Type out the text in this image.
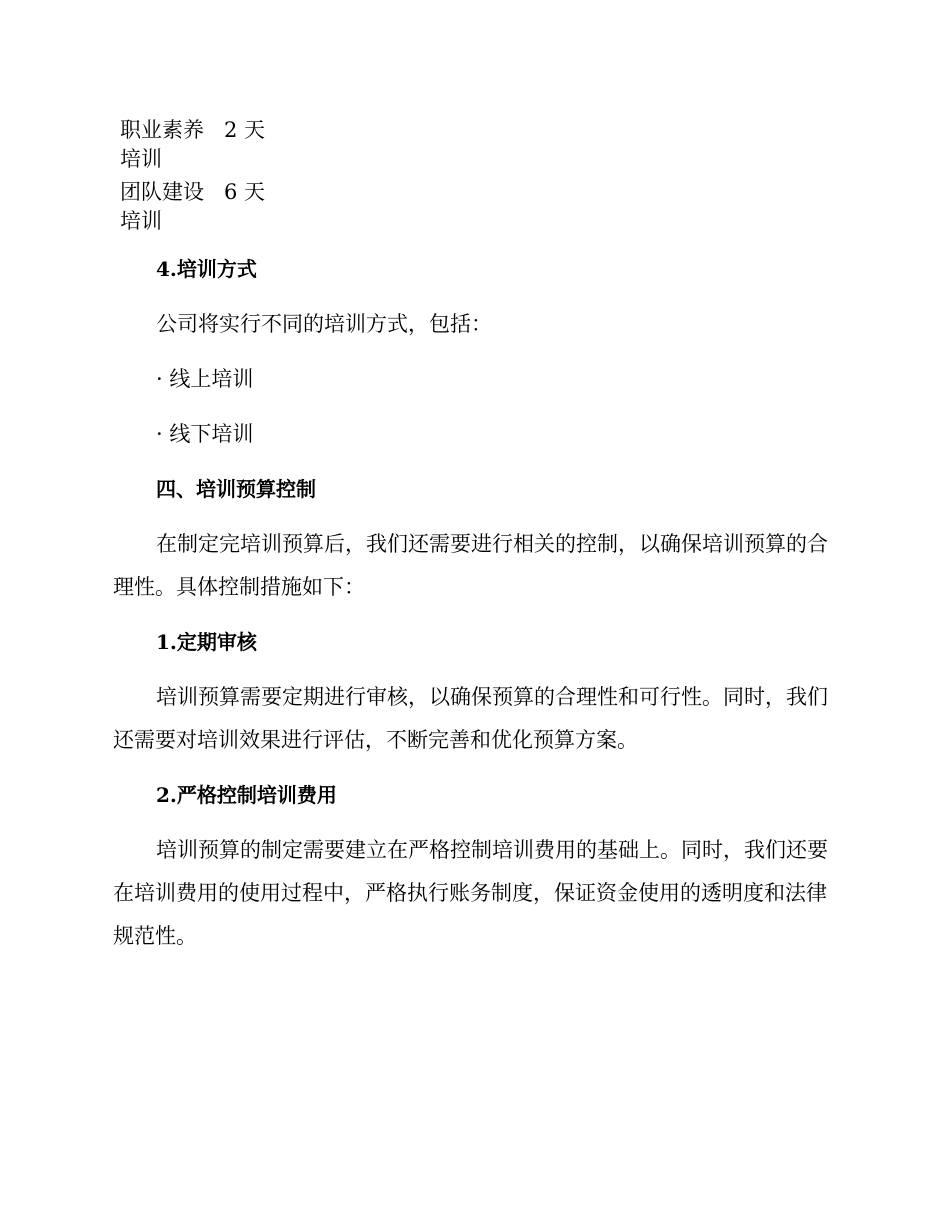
职业素养培训
2 天
团队建设培训
6 天

4.培训方式

公司将实行不同的培训方式，包括：

· 线上培训

· 线下培训

四、培训预算控制

在制定完培训预算后，我们还需要进行相关的控制，以确保培训预算的合理性。具体控制措施如下：

1.定期审核

培训预算需要定期进行审核，以确保预算的合理性和可行性。同时，我们还需要对培训效果进行评估，不断完善和优化预算方案。

2.严格控制培训费用

培训预算的制定需要建立在严格控制培训费用的基础上。同时，我们还要在培训费用的使用过程中，严格执行账务制度，保证资金使用的透明度和法律规范性。
